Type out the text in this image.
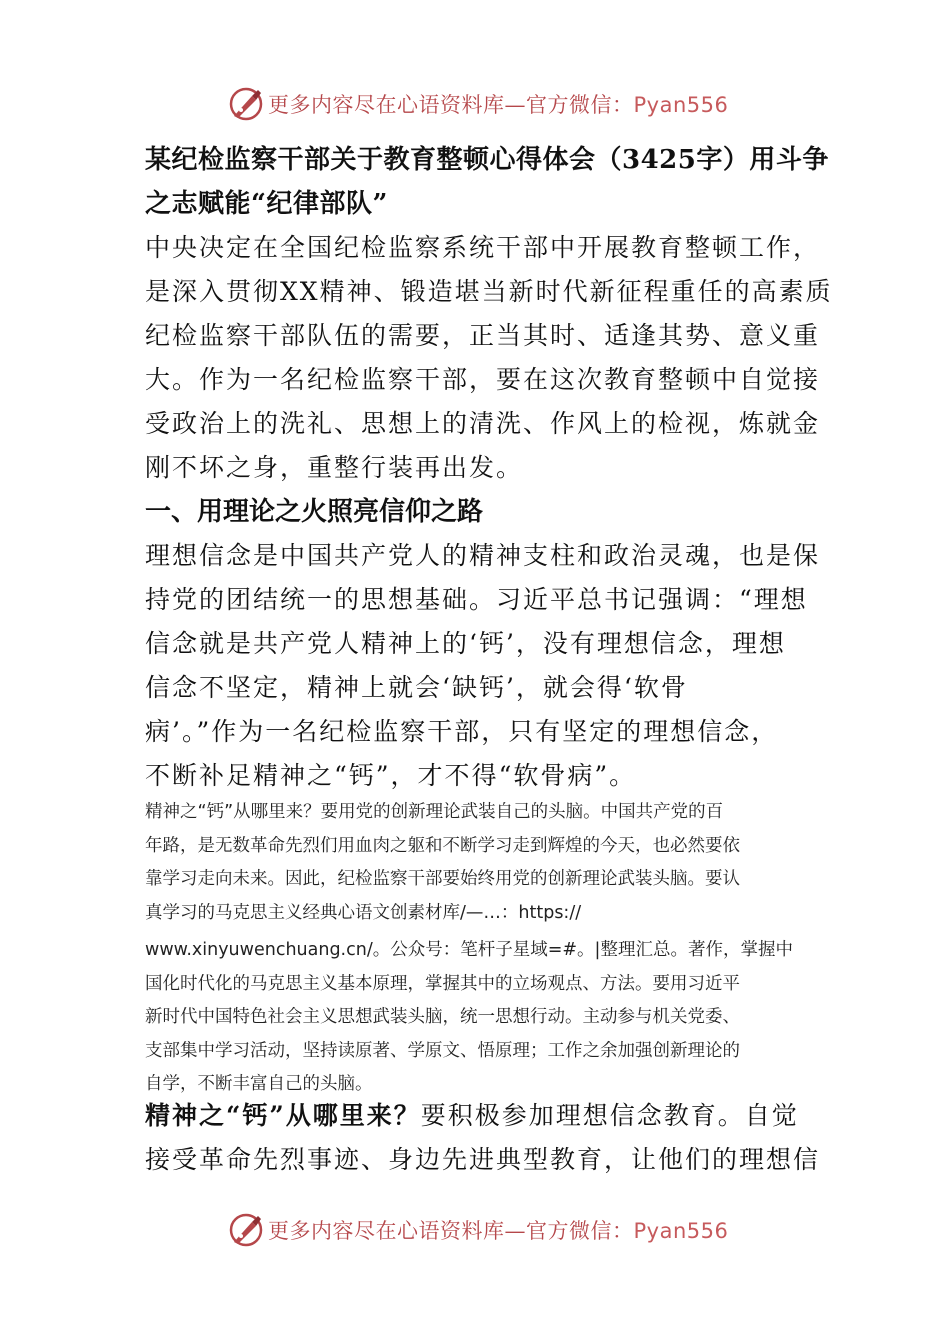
更多内容尽在心语资料库—官方微信：Pyan556
某纪检监察干部关于教育整顿心得体会（3425字）用斗争
之志赋能“纪律部队”
中央决定在全国纪检监察系统干部中开展教育整顿工作，
是深入贯彻XX精神、锻造堪当新时代新征程重任的高素质
纪检监察干部队伍的需要，正当其时、适逢其势、意义重
大。作为一名纪检监察干部，要在这次教育整顿中自觉接
受政治上的洗礼、思想上的清洗、作风上的检视，炼就金
刚不坏之身，重整行装再出发。
一、用理论之火照亮信仰之路
理想信念是中国共产党人的精神支柱和政治灵魂，也是保
持党的团结统一的思想基础。习近平总书记强调：“理想
信念就是共产党人精神上的‘钙’，没有理想信念，理想
信念不坚定，精神上就会‘缺钙’，就会得‘软骨
病’。”作为一名纪检监察干部，只有坚定的理想信念，
不断补足精神之“钙”，才不得“软骨病”。
精神之“钙”从哪里来？要用党的创新理论武装自己的头脑。中国共产党的百
年路，是无数革命先烈们用血肉之躯和不断学习走到辉煌的今天，也必然要依
靠学习走向未来。因此，纪检监察干部要始终用党的创新理论武装头脑。要认
真学习的马克思主义经典心语文创素材库/—…：https://
www.xinyuwenchuang.cn/。公众号：笔杆子星域=#。|整理汇总。著作，掌握中
国化时代化的马克思主义基本原理，掌握其中的立场观点、方法。要用习近平
新时代中国特色社会主义思想武装头脑，统一思想行动。主动参与机关党委、
支部集中学习活动，坚持读原著、学原文、悟原理；工作之余加强创新理论的
自学，不断丰富自己的头脑。
精神之“钙”从哪里来？要积极参加理想信念教育。自觉
接受革命先烈事迹、身边先进典型教育，让他们的理想信
更多内容尽在心语资料库—官方微信：Pyan556
